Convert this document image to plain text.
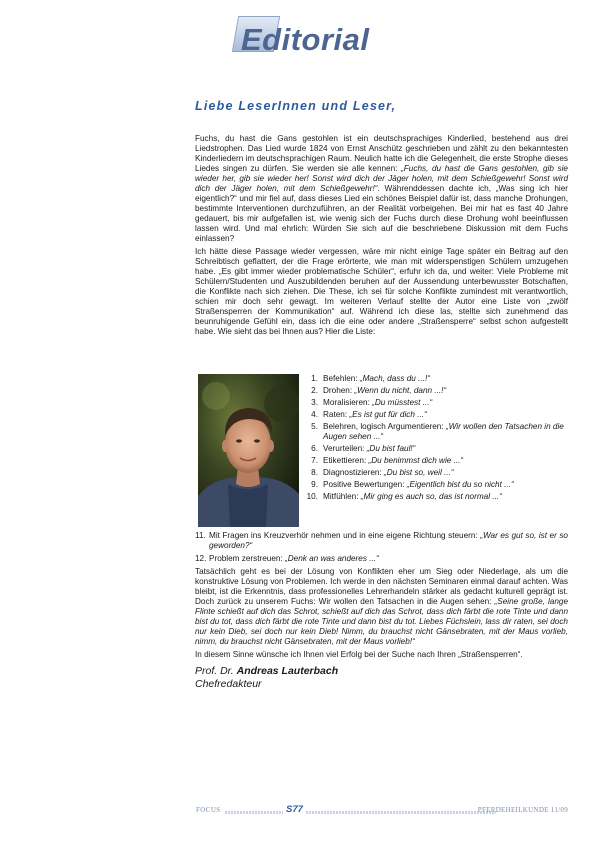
Editorial
Liebe LeserInnen und Leser,

Fuchs, du hast die Gans gestohlen ist ein deutschsprachiges Kinderlied, bestehend aus drei Liedstrophen. Das Lied wurde 1824 von Ernst Anschütz geschrieben und zählt zu den bekanntesten Kinderliedern im deutschsprachigen Raum. Neulich hatte ich die Gelegenheit, die erste Strophe dieses Liedes singen zu dürfen. Sie werden sie alle kennen: „Fuchs, du hast die Gans gestohlen, gib sie wieder her, gib sie wieder her! Sonst wird dich der Jäger holen, mit dem Schießgewehr! Sonst wird dich der Jäger holen, mit dem Schießgewehr!“. Währenddessen dachte ich, „Was sing ich hier eigentlich?“ und mir fiel auf, dass dieses Lied ein schönes Beispiel dafür ist, dass manche Drohungen, bestimmte Interventionen durchzuführen, an der Realität vorbeigehen. Bei mir hat es fast 40 Jahre gedauert, bis mir aufgefallen ist, wie wenig sich der Fuchs durch diese Drohung wohl beeinflussen lassen wird. Und mal ehrlich: Würden Sie sich auf die beschriebene Diskussion mit dem Fuchs einlassen?

Ich hätte diese Passage wieder vergessen, wäre mir nicht einige Tage später ein Beitrag auf den Schreibtisch geflattert, der die Frage erörterte, wie man mit widerspenstigen Schülern umzugehen habe. „Es gibt immer wieder problematische Schüler“, erfuhr ich da, und weiter: Viele Probleme mit Schülern/Studenten und Auszubildenden beruhen auf der Aussendung unterbewusster Botschaften, die Konflikte nach sich ziehen. Die These, ich sei für solche Konflikte zumindest mit verantwortlich, schien mir doch sehr gewagt. Im weiteren Verlauf stellte der Autor eine Liste von „zwölf Straßensperren der Kommunikation“ auf. Während ich diese las, stellte sich zunehmend das beunruhigende Gefühl ein, dass ich die eine oder andere „Straßensperre“ selbst schon aufgestellt habe. Wie sieht das bei Ihnen aus? Hier die Liste:

1. Befehlen: „Mach, dass du ...!“
2. Drohen: „Wenn du nicht, dann ...!“
3. Moralisieren: „Du müsstest ...“
4. Raten: „Es ist gut für dich ...“
5. Belehren, logisch Argumentieren: „Wir wollen den Tatsachen in die Augen sehen ...“
6. Verurteilen: „Du bist faul!“
7. Etikettieren: „Du benimmst dich wie ...“
8. Diagnostizieren: „Du bist so, weil ...“
9. Positive Bewertungen: „Eigentlich bist du so nicht ...“
10. Mitfühlen: „Mir ging es auch so, das ist normal ...“
11. Mit Fragen ins Kreuzverhör nehmen und in eine eigene Richtung steuern: „War es gut so, ist er so geworden?“
12. Problem zerstreuen: „Denk an was anderes ...“

Tatsächlich geht es bei der Lösung von Konflikten eher um Sieg oder Niederlage, als um die konstruktive Lösung von Problemen. Ich werde in den nächsten Seminaren einmal darauf achten. Was bleibt, ist die Erkenntnis, dass professionelles Lehrerhandeln stärker als gedacht kulturell geprägt ist. Doch zurück zu unserem Fuchs: Wir wollen den Tatsachen in die Augen sehen: „Seine große, lange Flinte schießt auf dich das Schrot, schießt auf dich das Schrot, dass dich färbt die rote Tinte und dann bist du tot, dass dich färbt die rote Tinte und dann bist du tot. Liebes Füchslein, lass dir raten, sei doch nur kein Dieb, sei doch nur kein Dieb! Nimm, du brauchst nicht Gänsebraten, mit der Maus vorlieb, nimm, du brauchst nicht Gänsebraten, mit der Maus vorlieb!“

In diesem Sinne wünsche ich Ihnen viel Erfolg bei der Suche nach Ihren „Straßensperren“.

Prof. Dr. Andreas Lauterbach
Chefredakteur
FOCUS	S77	PFERDEHEILKUNDE 11/09
